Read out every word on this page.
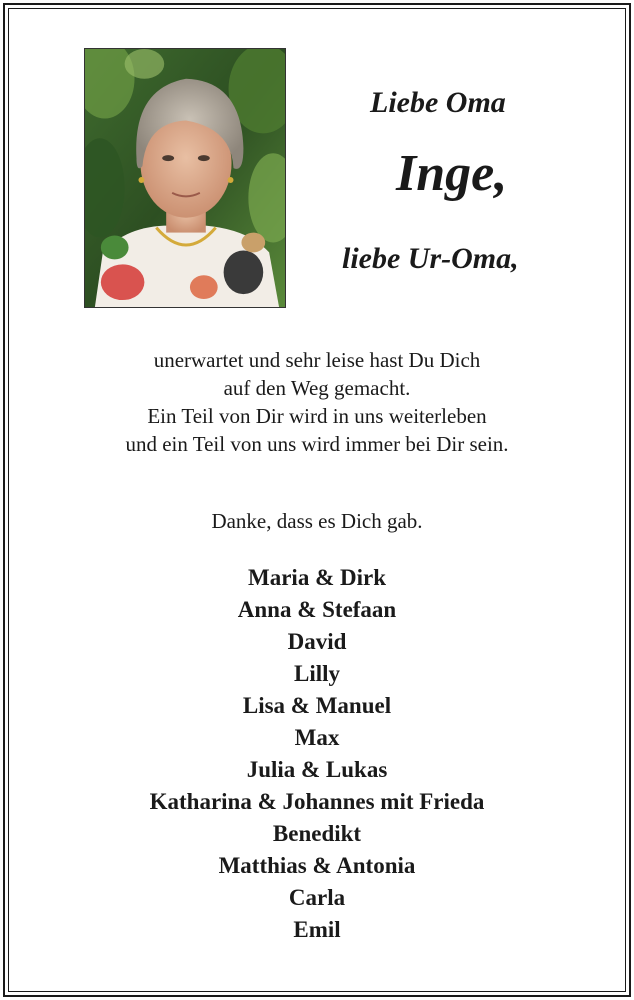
Liebe Oma
Inge,
liebe Ur-Oma,
unerwartet und sehr leise hast Du Dich
auf den Weg gemacht.
Ein Teil von Dir wird in uns weiterleben
und ein Teil von uns wird immer bei Dir sein.
Danke, dass es Dich gab.
Maria & Dirk
Anna & Stefaan
David
Lilly
Lisa & Manuel
Max
Julia & Lukas
Katharina & Johannes mit Frieda
Benedikt
Matthias & Antonia
Carla
Emil
